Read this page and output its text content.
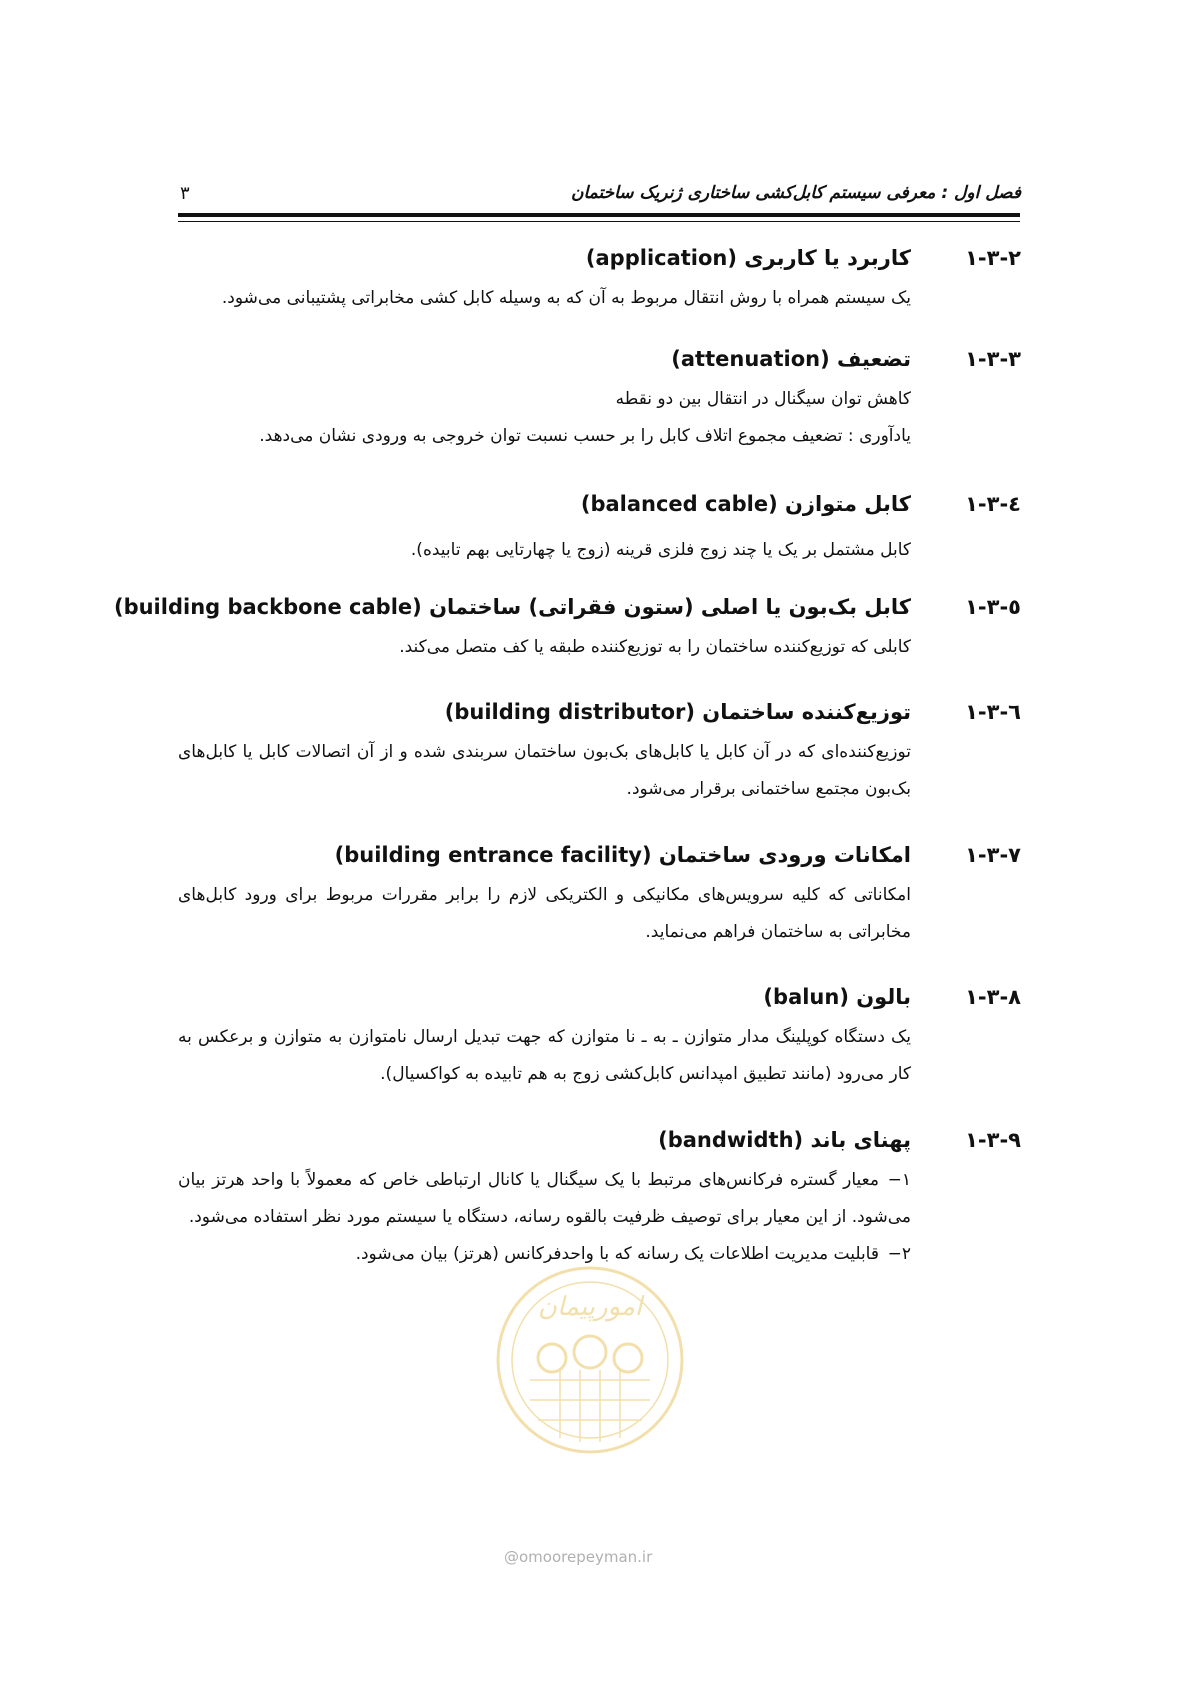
فصل اول : معرفی سیستم کابل‌کشی ساختاری ژنریک ساختمان
۳
۱-۳-۲
کاربرد یا کاربری (application)
یک سیستم همراه با روش انتقال مربوط به آن که به وسیله کابل کشی مخابراتی پشتیبانی می‌شود.
۱-۳-۳
تضعیف (attenuation)
کاهش توان سیگنال در انتقال بین دو نقطه
یادآوری : تضعیف مجموع اتلاف کابل را بر حسب نسبت توان خروجی به ورودی نشان می‌دهد.
۱-۳-٤
کابل متوازن (balanced cable)
کابل مشتمل بر یک یا چند زوج فلزی قرینه (زوج یا چهارتایی بهم تابیده).
۱-۳-٥
کابل بک‌بون یا اصلی (ستون فقراتی) ساختمان (building backbone cable)
کابلی که توزیع‌کننده ساختمان را به توزیع‌کننده طبقه یا کف متصل می‌کند.
۱-۳-٦
توزیع‌کننده ساختمان (building distributor)
توزیع‌کننده‌ای که در آن کابل یا کابل‌های بک‌بون ساختمان سربندی شده و از آن اتصالات کابل یا کابل‌های بک‌بون مجتمع ساختمانی برقرار می‌شود.
۱-۳-۷
امکانات ورودی ساختمان (building entrance facility)
امکاناتی که کلیه سرویس‌های مکانیکی و الکتریکی لازم را برابر مقررات مربوط برای ورود کابل‌های مخابراتی به ساختمان فراهم می‌نماید.
۱-۳-۸
بالون (balun)
یک دستگاه کوپلینگ مدار متوازن ـ به ـ نا متوازن که جهت تبدیل ارسال نامتوازن به متوازن و برعکس به کار می‌رود (مانند تطبیق امپدانس کابل‌کشی زوج به هم تابیده به کواکسیال).
۱-۳-۹
پهنای باند (bandwidth)
۱−معیار گستره فرکانس‌های مرتبط با یک سیگنال یا کانال ارتباطی خاص که معمولاً با واحد هرتز بیان می‌شود. از این معیار برای توصیف ظرفیت بالقوه رسانه، دستگاه یا سیستم مورد نظر استفاده می‌شود.
۲−قابلیت مدیریت اطلاعات یک رسانه که با واحدفرکانس (هرتز) بیان می‌شود.
امورپیمان
@omoorepeyman.ir
